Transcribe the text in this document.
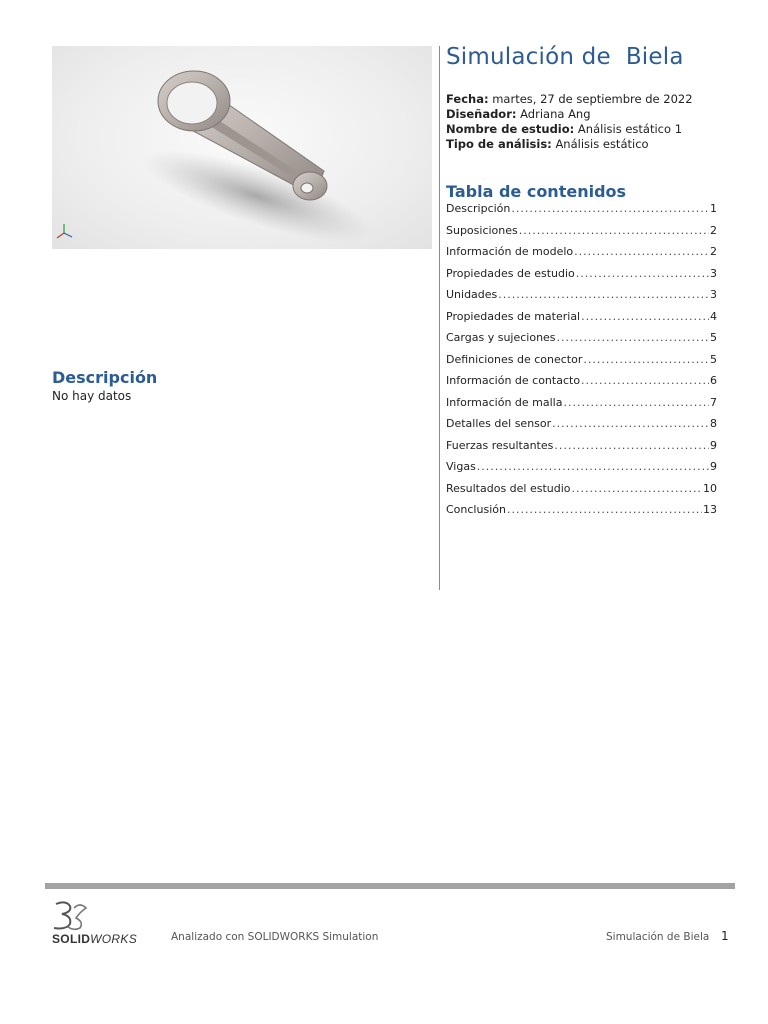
Simulación de  Biela
Fecha: martes, 27 de septiembre de 2022
Diseñador: Adriana Ang
Nombre de estudio: Análisis estático 1
Tipo de análisis: Análisis estático
Tabla de contenidos
Descripción .....	1
Suposiciones .....	2
Información de modelo .....	2
Propiedades de estudio .....	3
Unidades .....	3
Propiedades de material .....	4
Cargas y sujeciones .....	5
Definiciones de conector .....	5
Información de contacto .....	6
Información de malla .....	7
Detalles del sensor .....	8
Fuerzas resultantes .....	9
Vigas .....	9
Resultados del estudio .....	10
Conclusión .....	13
Descripción
No hay datos
SOLIDWORKS	Analizado con SOLIDWORKS Simulation	Simulación de Biela 1
